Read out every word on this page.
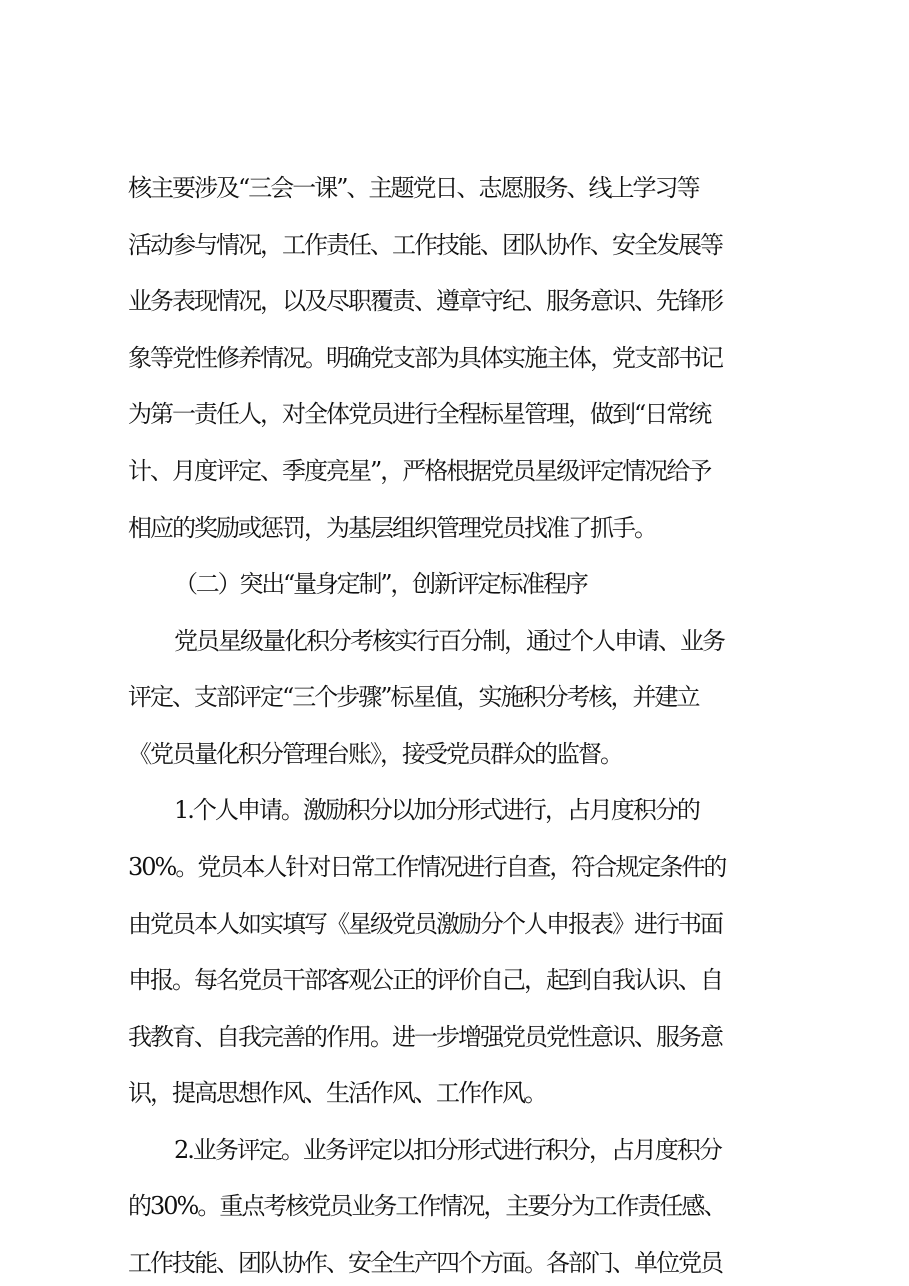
核主要涉及“三会一课”、主题党日、志愿服务、线上学习等
活动参与情况，工作责任、工作技能、团队协作、安全发展等
业务表现情况，以及尽职覆责、遵章守纪、服务意识、先锋形
象等党性修养情况。明确党支部为具体实施主体，党支部书记
为第一责任人，对全体党员进行全程标星管理，做到“日常统
计、月度评定、季度亮星”，严格根据党员星级评定情况给予
相应的奖励或惩罚，为基层组织管理党员找准了抓手。
（二）突出“量身定制”，创新评定标准程序
党员星级量化积分考核实行百分制，通过个人申请、业务
评定、支部评定“三个步骤”标星值，实施积分考核，并建立
《党员量化积分管理台账》，接受党员群众的监督。
1.个人申请。激励积分以加分形式进行，占月度积分的
30%。党员本人针对日常工作情况进行自查，符合规定条件的
由党员本人如实填写《星级党员激励分个人申报表》进行书面
申报。每名党员干部客观公正的评价自己，起到自我认识、自
我教育、自我完善的作用。进一步增强党员党性意识、服务意
识，提高思想作风、生活作风、工作作风。
2.业务评定。业务评定以扣分形式进行积分，占月度积分
的30%。重点考核党员业务工作情况，主要分为工作责任感、
工作技能、团队协作、安全生产四个方面。各部门、单位党员
